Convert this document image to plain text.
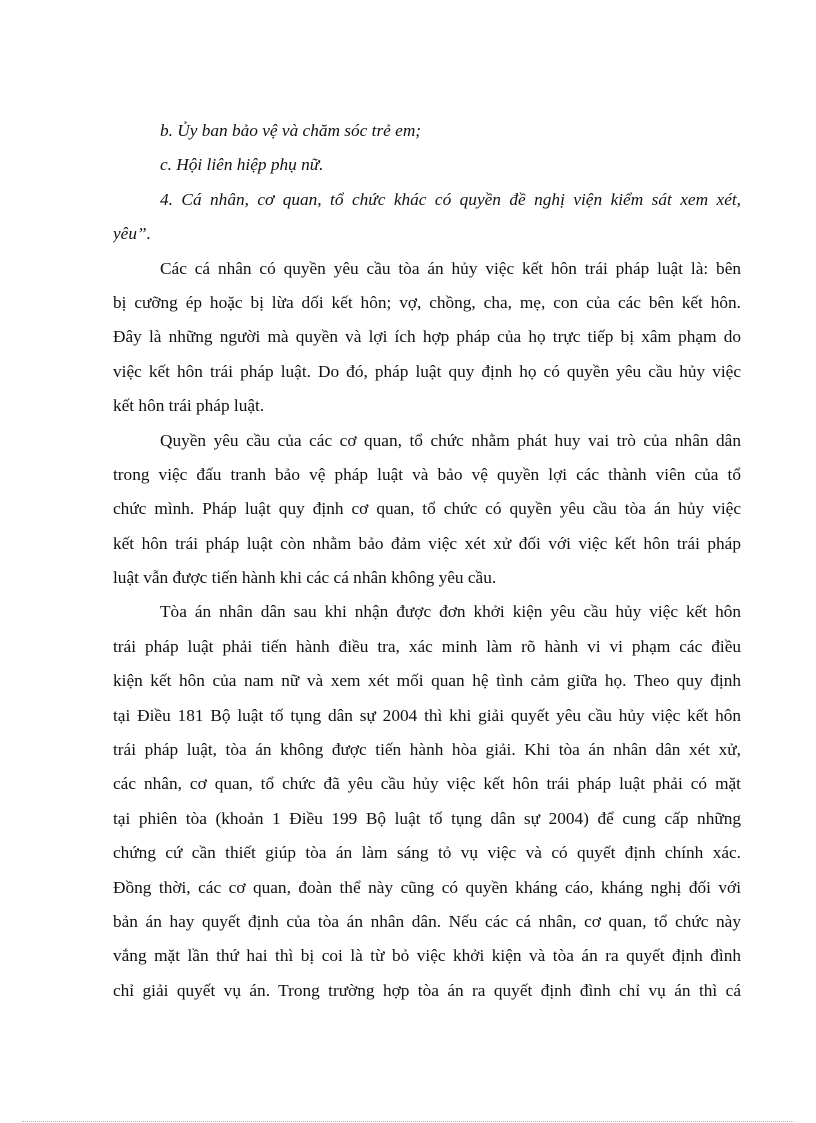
b. Ủy ban bảo vệ và chăm sóc trẻ em;
c. Hội liên hiệp phụ nữ.
4. Cá nhân, cơ quan, tổ chức khác có quyền đề nghị viện kiểm sát xem xét,
yêu”.
Các cá nhân có quyền yêu cầu tòa án hủy việc kết hôn trái pháp luật là: bên
bị cưỡng ép hoặc bị lừa dối kết hôn; vợ, chồng, cha, mẹ, con của các bên kết hôn.
Đây là những người mà quyền và lợi ích hợp pháp của họ trực tiếp bị xâm phạm do
việc kết hôn trái pháp luật. Do đó, pháp luật quy định họ có quyền yêu cầu hủy việc
kết hôn trái pháp luật.
Quyền yêu cầu của các cơ quan, tổ chức nhằm phát huy vai trò của nhân dân
trong việc đấu tranh bảo vệ pháp luật và bảo vệ quyền lợi các thành viên của tổ
chức mình. Pháp luật quy định cơ quan, tổ chức có quyền yêu cầu tòa án hủy việc
kết hôn trái pháp luật còn nhằm bảo đảm việc xét xử đối với việc kết hôn trái pháp
luật vẫn được tiến hành khi các cá nhân không yêu cầu.
Tòa án nhân dân sau khi nhận được đơn khởi kiện yêu cầu hủy việc kết hôn
trái pháp luật phải tiến hành điều tra, xác minh làm rõ hành vi vi phạm các điều
kiện kết hôn của nam nữ và xem xét mối quan hệ tình cảm giữa họ. Theo quy định
tại Điều 181 Bộ luật tố tụng dân sự 2004 thì khi giải quyết yêu cầu hủy việc kết hôn
trái pháp luật, tòa án không được tiến hành hòa giải. Khi tòa án nhân dân xét xử,
các nhân, cơ quan, tổ chức đã yêu cầu hủy việc kết hôn trái pháp luật phải có mặt
tại phiên tòa (khoản 1 Điều 199 Bộ luật tố tụng dân sự 2004) để cung cấp những
chứng cứ cần thiết giúp tòa án làm sáng tỏ vụ việc và có quyết định chính xác.
Đồng thời, các cơ quan, đoàn thể này cũng có quyền kháng cáo, kháng nghị đối với
bản án hay quyết định của tòa án nhân dân. Nếu các cá nhân, cơ quan, tổ chức này
vắng mặt lần thứ hai thì bị coi là từ bỏ việc khởi kiện và tòa án ra quyết định đình
chỉ giải quyết vụ án. Trong trường hợp tòa án ra quyết định đình chỉ vụ án thì cá
